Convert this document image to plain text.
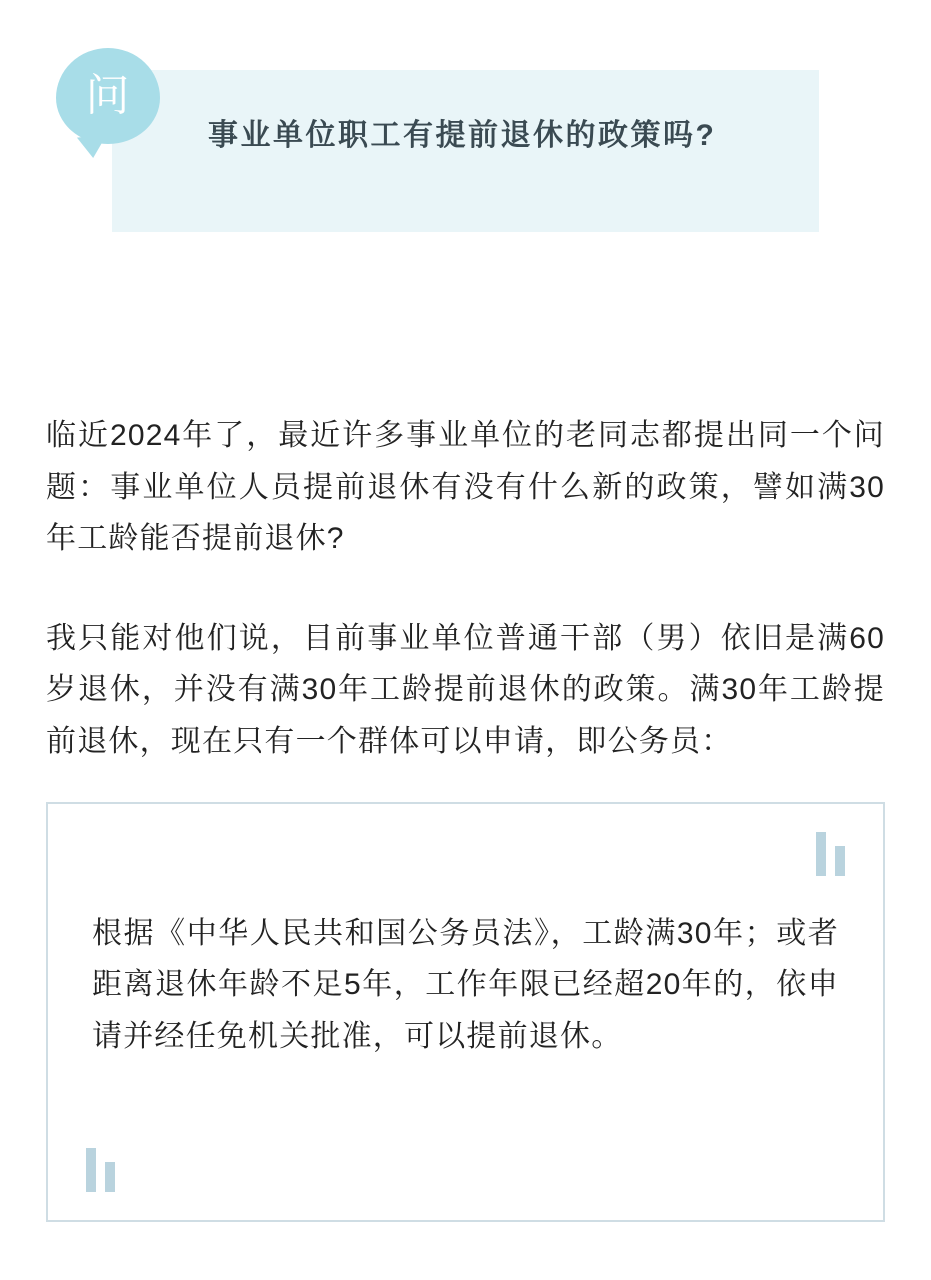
事业单位职工有提前退休的政策吗?
问

临近2024年了，最近许多事业单位的老同志都提出同一个问题：事业单位人员提前退休有没有什么新的政策，譬如满30年工龄能否提前退休?

我只能对他们说，目前事业单位普通干部（男）依旧是满60岁退休，并没有满30年工龄提前退休的政策。满30年工龄提前退休，现在只有一个群体可以申请，即公务员：

根据《中华人民共和国公务员法》，工龄满30年；或者距离退休年龄不足5年，工作年限已经超20年的，依申请并经任免机关批准，可以提前退休。
